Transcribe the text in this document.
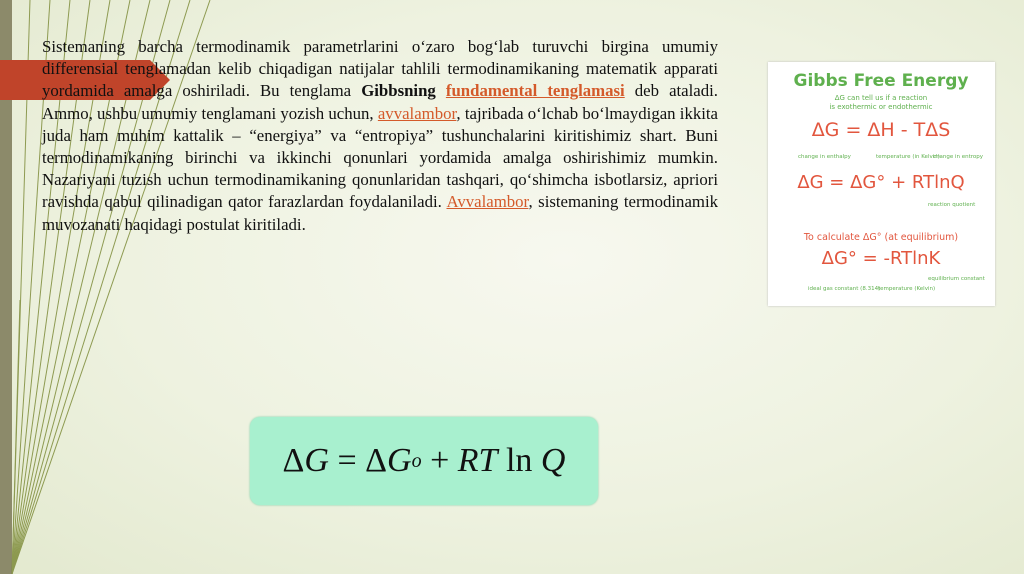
Sistemaning barcha termodinamik parametrlarini o‘zaro bog‘lab turuvchi birgina umumiy differensial tenglamadan kelib chiqadigan natijalar tahlili termodinamikaning matematik apparati yordamida amalga oshiriladi. Bu tenglama Gibbsning fundamental tenglamasi deb ataladi. Ammo, ushbu umumiy tenglamani yozish uchun, avvalambor, tajribada o‘lchab bo‘lmaydigan ikkita juda ham muhim kattalik – “energiya” va “entropiya” tushunchalarini kiritishimiz shart. Buni termodinamikaning birinchi va ikkinchi qonunlari yordamida amalga oshirishimiz mumkin. Nazariyani tuzish uchun termodinamikaning qonunlaridan tashqari, qo‘shimcha isbotlarsiz, apriori ravishda qabul qilinadigan qator farazlardan foydalaniladi. Avvalambor, sistemaning termodinamik muvozanati haqidagi postulat kiritiladi.

Δ G = Δ G o + RT ln Q
Gibbs Free Energy
ΔG can tell us if a reaction
is exothermic or endothermic
ΔG = ΔH - TΔS
change in enthalpy	temperature (in Kelvin)
change in entropy
ΔG = ΔG° + RTlnQ
reaction quotient
To calculate ΔG° (at equilibrium)
ΔG° = -RTlnK
ideal gas constant (8.314)
temperature (Kelvin)
equilibrium constant
